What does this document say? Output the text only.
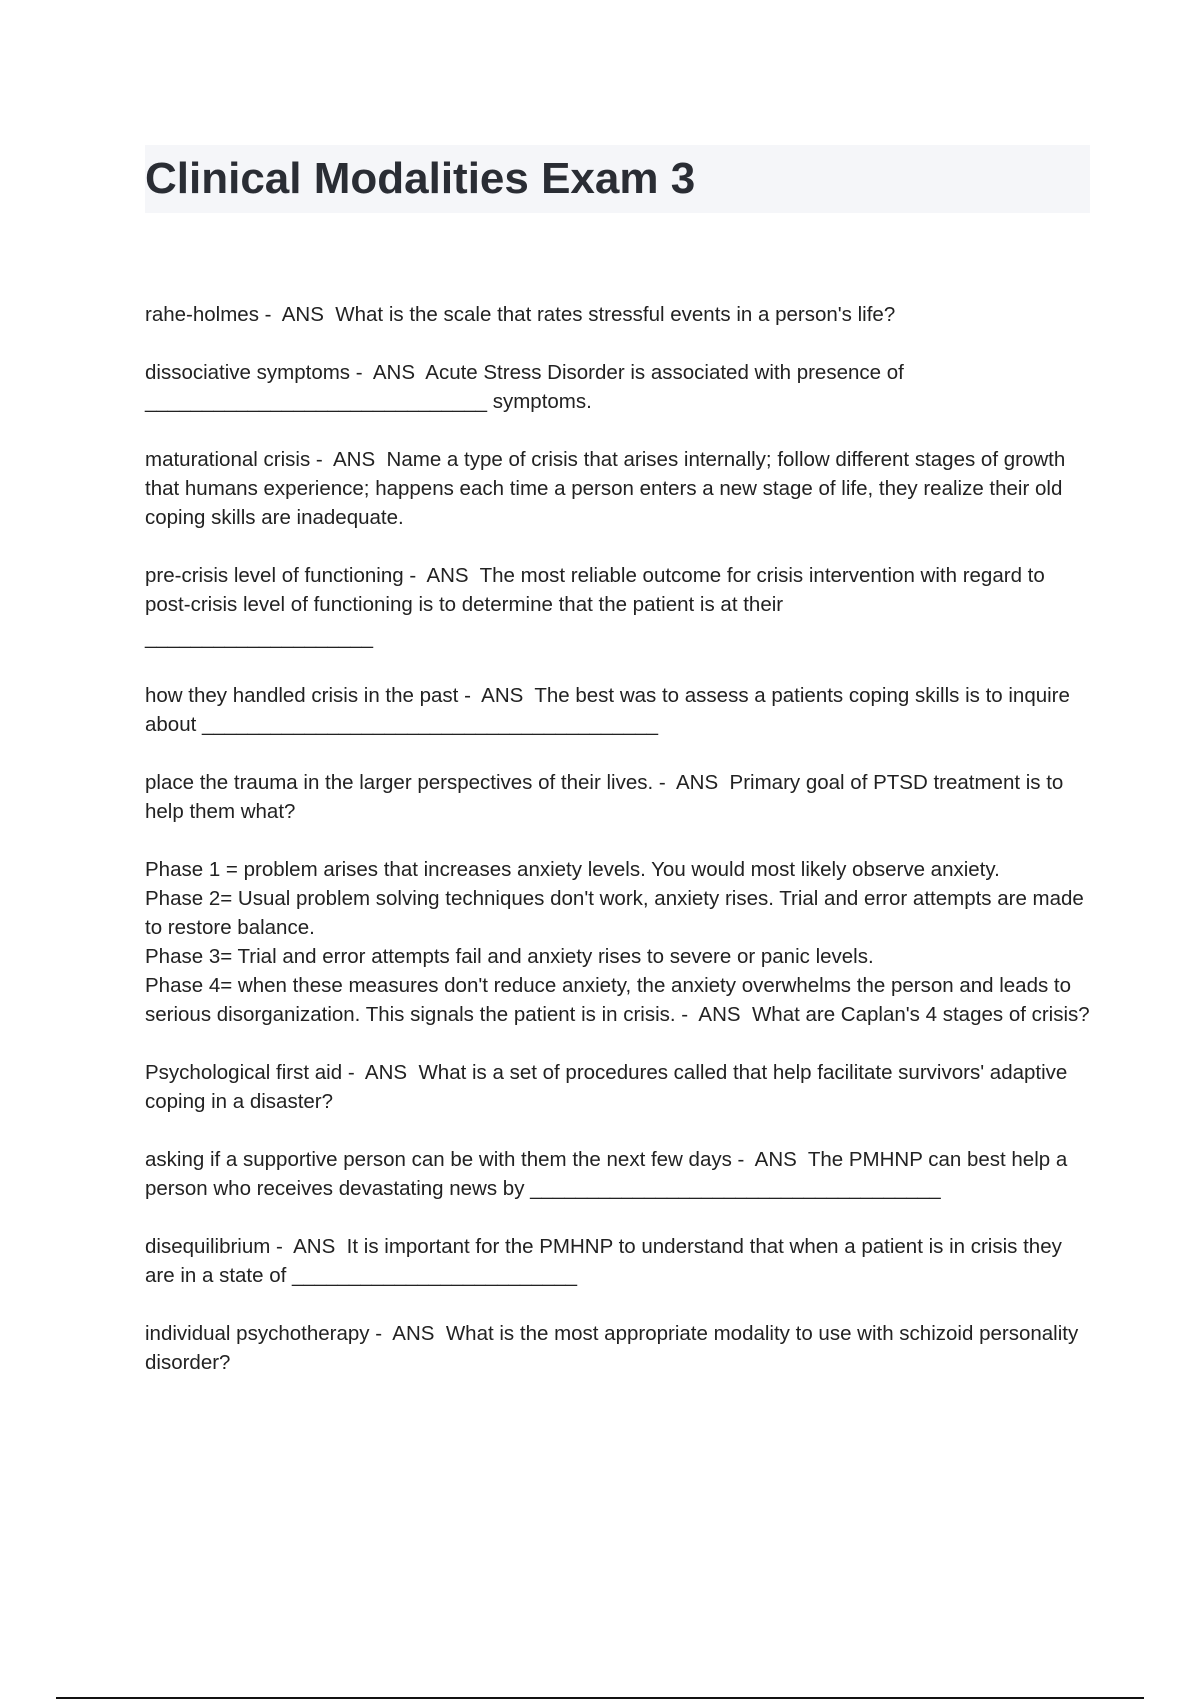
Clinical Modalities Exam 3

rahe-holmes -  ANS  What is the scale that rates stressful events in a person's life?

dissociative symptoms -  ANS  Acute Stress Disorder is associated with presence of ______________________________ symptoms.

maturational crisis -  ANS  Name a type of crisis that arises internally; follow different stages of growth that humans experience; happens each time a person enters a new stage of life, they realize their old coping skills are inadequate.

pre-crisis level of functioning -  ANS  The most reliable outcome for crisis intervention with regard to post-crisis level of functioning is to determine that the patient is at their
____________________

how they handled crisis in the past -  ANS  The best was to assess a patients coping skills is to inquire about ________________________________________

place the trauma in the larger perspectives of their lives. -  ANS  Primary goal of PTSD treatment is to help them what?

Phase 1 = problem arises that increases anxiety levels. You would most likely observe anxiety.
Phase 2= Usual problem solving techniques don't work, anxiety rises. Trial and error attempts are made to restore balance.
Phase 3= Trial and error attempts fail and anxiety rises to severe or panic levels.
Phase 4= when these measures don't reduce anxiety, the anxiety overwhelms the person and leads to serious disorganization. This signals the patient is in crisis. -  ANS  What are Caplan's 4 stages of crisis?

Psychological first aid -  ANS  What is a set of procedures called that help facilitate survivors' adaptive coping in a disaster?

asking if a supportive person can be with them the next few days -  ANS  The PMHNP can best help a person who receives devastating news by ____________________________________

disequilibrium -  ANS  It is important for the PMHNP to understand that when a patient is in crisis they are in a state of _________________________

individual psychotherapy -  ANS  What is the most appropriate modality to use with schizoid personality disorder?
